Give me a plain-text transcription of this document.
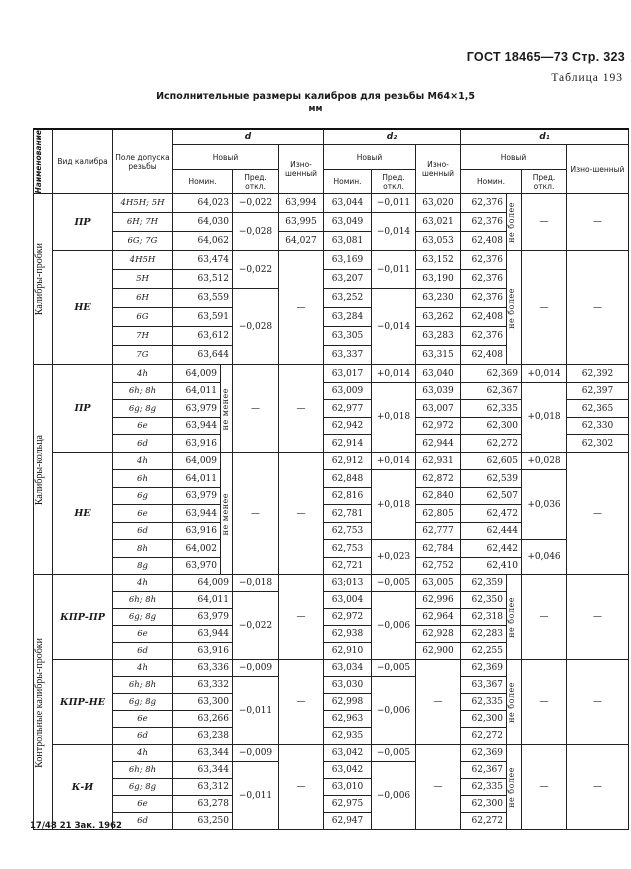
ГОСТ 18465—73 Стр. 323
Таблица 193
Исполнительные размеры калибров для резьбы M64×1,5
мм
Наименование	Вид калибра	Поле допуска резьбы	d				d₂			d₁			
			Новый			Изно-шенный	Новый		Изно-шенный	Новый			Изно-шенный
			Номин.		Пред. откл.		Номин.	Пред. откл.		Номин.		Пред. откл.	

Калибры-пробки	ПР	4H5H; 5H	64,023		−0,022	63,994	63,044	−0,011	63,020	62,376	не более	—	—
		6H; 7H	64,030		−0,028	63,995	63,049	−0,014	63,021	62,376			
		6G; 7G	64,062			64,027	63,081		63,053	62,408			
	НЕ	4H5H	63,474		−0,022	—	63,169	−0,011	63,152	62,376	не более	—	—
		5H	63,512				63,207		63,190	62,376			
		6H	63,559		−0,028		63,252	−0,014	63,230	62,376			
		6G	63,591				63,284		63,262	62,408			
		7H	63,612				63,305		63,283	62,376			
		7G	63,644				63,337		63,315	62,408			

Калибры-кольца	ПР	4h	64,009	не менее	—	—	63,017	+0,014	63,040	62,369		+0,014	62,392
		6h; 8h	64,011				63,009	+0,018	63,039	62,367		+0,018	62,397
		6g; 8g	63,979				62,977		63,007	62,335			62,365
		6e	63,944				62,942		62,972	62,300			62,330
		6d	63,916				62,914		62,944	62,272			62,302
	НЕ	4h	64,009	не менее	—	—	62,912	+0,014	62,931	62,605		+0,028	—
		6h	64,011				62,848	+0,018	62,872	62,539		+0,036	
		6g	63,979				62,816		62,840	62,507			
		6e	63,944				62,781		62,805	62,472			
		6d	63,916				62,753		62,777	62,444			
		8h	64,002				62,753	+0,023	62,784	62,442		+0,046	
		8g	63,970				62,721		62,752	62,410			

Контрольные калибры-пробки	КПР-ПР	4h	64,009		−0,018	—	63;013	−0,005	63,005	62,359	не более	—	—
		6h; 8h	64,011		−0,022		63,004	−0,006	62,996	62,350			
		6g; 8g	63,979				62,972		62,964	62,318			
		6e	63,944				62,938		62,928	62,283			
		6d	63,916				62,910		62,900	62,255			
	КПР-НЕ	4h	63,336		−0,009	—	63,034	−0,005	—	62,369	не более	—	—
		6h; 8h	63,332		−0,011		63,030	−0,006		63,367			
		6g; 8g	63,300				62,998			62,335			
		6e	63,266				62,963			62,300			
		6d	63,238				62,935			62,272			
	К-И	4h	63,344		−0,009	—	63,042	−0,005	—	62,369	не более	—	—
		6h; 8h	63,344		−0,011		63,042	−0,006		62,367			
		6g; 8g	63,312				63,010			62,335			
		6e	63,278				62,975			62,300			
		6d	63,250				62,947			62,272			
17/48 21 Зак. 1962
